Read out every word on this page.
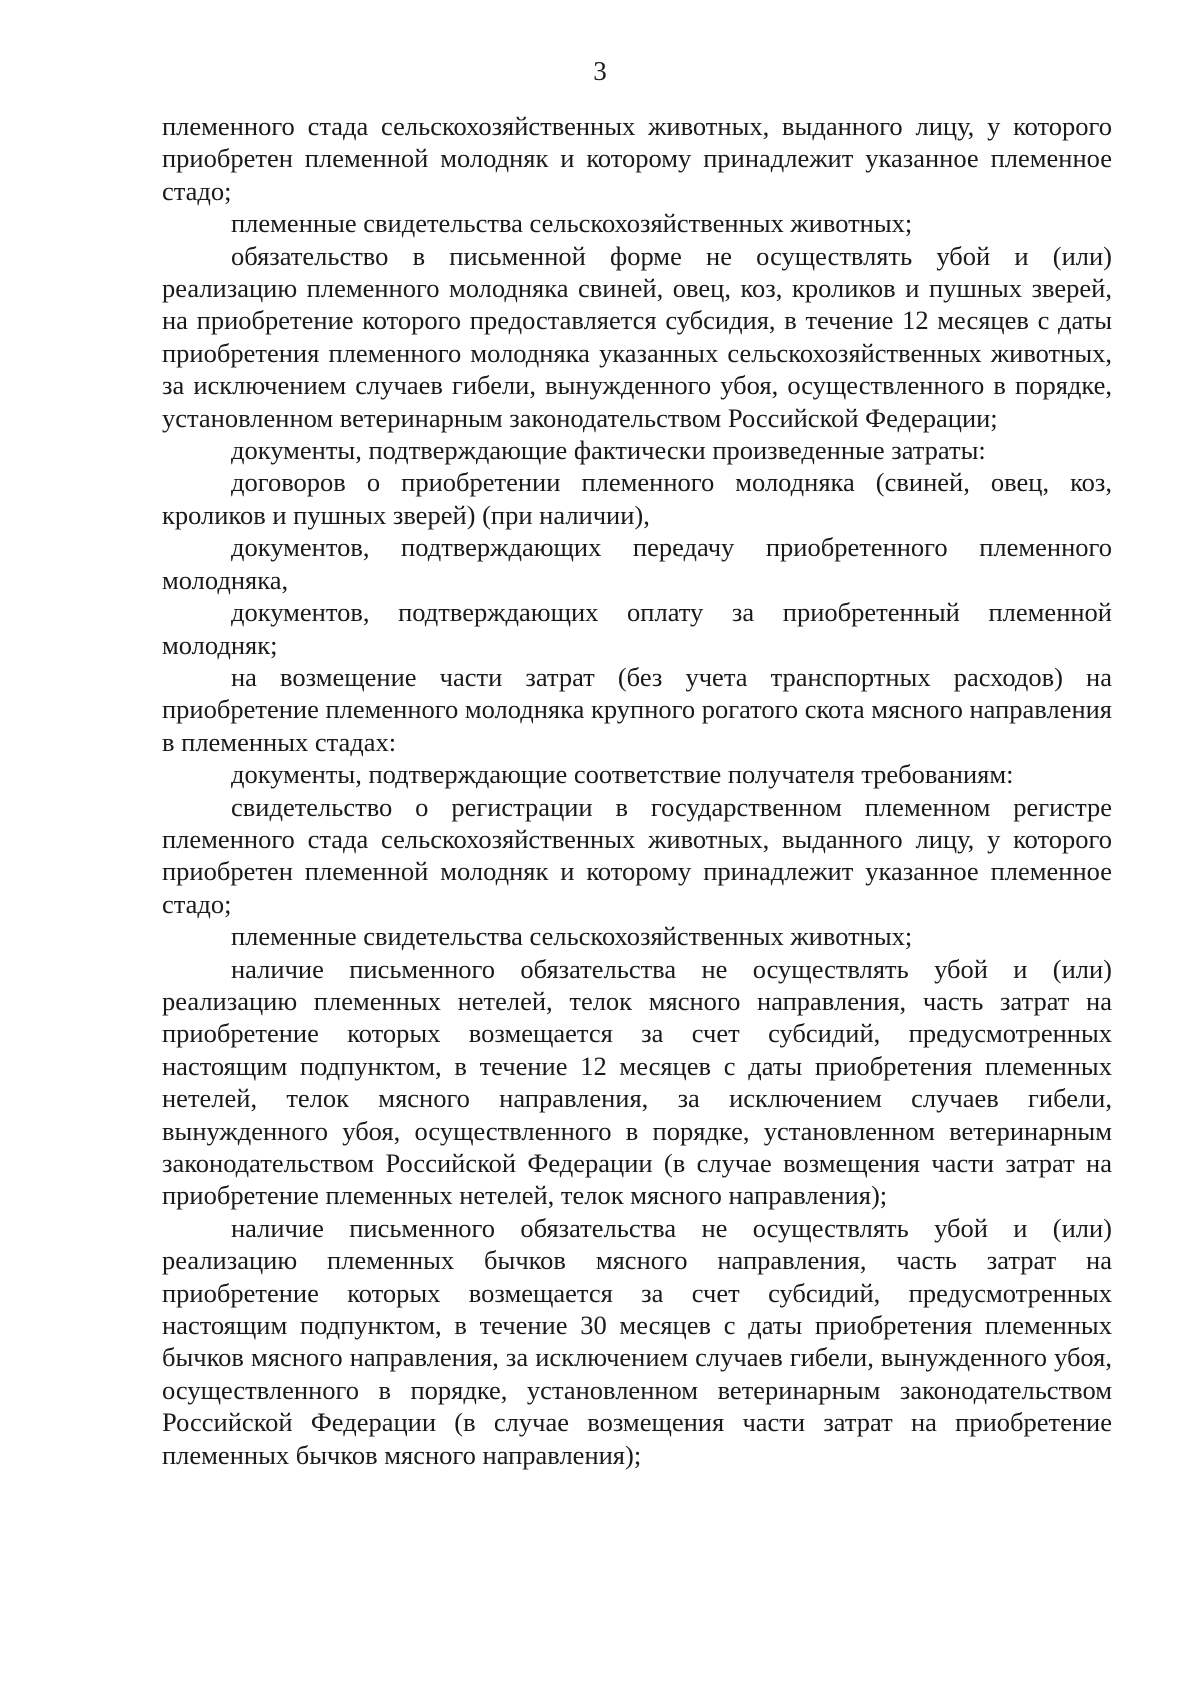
3

племенного стада сельскохозяйственных животных, выданного лицу, у которого приобретен племенной молодняк и которому принадлежит указанное племенное стадо;

племенные свидетельства сельскохозяйственных животных;

обязательство в письменной форме не осуществлять убой и (или) реализацию племенного молодняка свиней, овец, коз, кроликов и пушных зверей, на приобретение которого предоставляется субсидия, в течение 12 месяцев с даты приобретения племенного молодняка указанных сельскохозяйственных животных, за исключением случаев гибели, вынужденного убоя, осуществленного в порядке, установленном ветеринарным законодательством Российской Федерации;

документы, подтверждающие фактически произведенные затраты:

договоров о приобретении племенного молодняка (свиней, овец, коз, кроликов и пушных зверей) (при наличии),

документов, подтверждающих передачу приобретенного племенного молодняка,

документов, подтверждающих оплату за приобретенный племенной молодняк;

на возмещение части затрат (без учета транспортных расходов) на приобретение племенного молодняка крупного рогатого скота мясного направления в племенных стадах:

документы, подтверждающие соответствие получателя требованиям:

свидетельство о регистрации в государственном племенном регистре племенного стада сельскохозяйственных животных, выданного лицу, у которого приобретен племенной молодняк и которому принадлежит указанное племенное стадо;

племенные свидетельства сельскохозяйственных животных;

наличие письменного обязательства не осуществлять убой и (или) реализацию племенных нетелей, телок мясного направления, часть затрат на приобретение которых возмещается за счет субсидий, предусмотренных настоящим подпунктом, в течение 12 месяцев с даты приобретения племенных нетелей, телок мясного направления, за исключением случаев гибели, вынужденного убоя, осуществленного в порядке, установленном ветеринарным законодательством Российской Федерации (в случае возмещения части затрат на приобретение племенных нетелей, телок мясного направления);

наличие письменного обязательства не осуществлять убой и (или) реализацию племенных бычков мясного направления, часть затрат на приобретение которых возмещается за счет субсидий, предусмотренных настоящим подпунктом, в течение 30 месяцев с даты приобретения племенных бычков мясного направления, за исключением случаев гибели, вынужденного убоя, осуществленного в порядке, установленном ветеринарным законодательством Российской Федерации (в случае возмещения части затрат на приобретение племенных бычков мясного направления);
